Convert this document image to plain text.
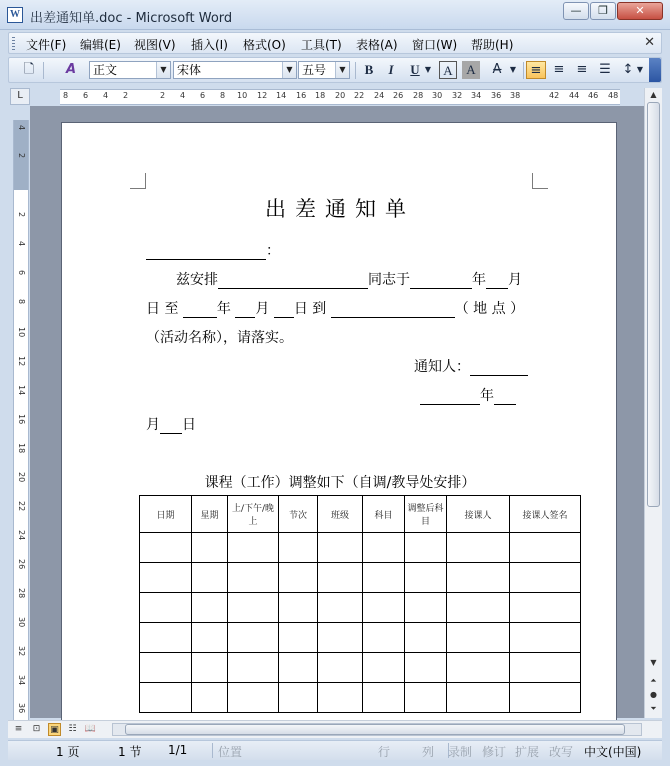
W 出差通知单.doc - Microsoft Word
—	❐	✕
文件(F) 编辑(E) 视图(V) 插入(I) 格式(O) 工具(T) 表格(A) 窗口(W) 帮助(H)	✕
🗋	A	正文	▼ 宋体	▼ 五号	▼	B	I	U ▼ A	A	A̶	▼	≡ ≡ ≡ ☰ ↕ ▼
L	8 6 4 2	2 4 6 8 10 12 14 16 18 20 22 24 26 28 30 32 34 36 38	42 44 46 48
4
2
2
4
6
8
10
12
14
16
18
20
22
24
26
28
30
32
34
36
出差通知单
：
兹安排	同志于	年 月
日 至	年 月 日 到	（ 地 点 ）
（活动名称），请落实。
通知人：
年
月 日
课程（工作）调整如下（自调/教导处安排）
日期	星期	上/下午/晚上	节次	班级	科目	调整后科目	接课人	接课人签名

▲
▼
⏶
●
⏷
≡	⊡	▣ ☷ 📖
1 页	1 节 1/1	位置	行	列 录制 修订 扩展 改写 中文(中国)
